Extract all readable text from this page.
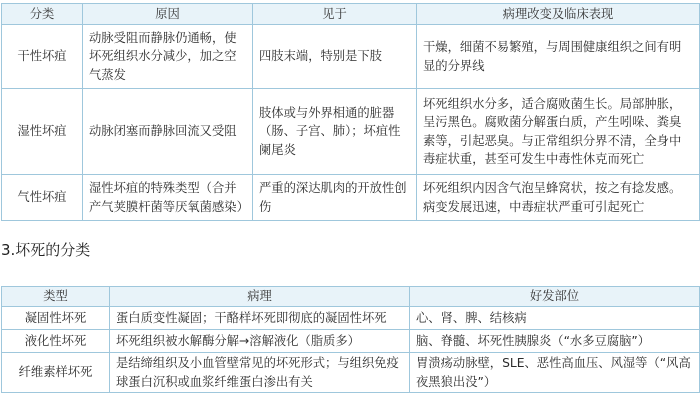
分类	原因	见于	病理改变及临床表现
干性坏疽	动脉受阻而静脉仍通畅，使坏死组织水分减少，加之空气蒸发	四肢末端，特别是下肢	干燥，细菌不易繁殖，与周围健康组织之间有明显的分界线
湿性坏疽	动脉闭塞而静脉回流又受阻	肢体或与外界相通的脏器（肠、子宫、肺）；坏疽性阑尾炎	坏死组织水分多，适合腐败菌生长。局部肿胀，呈污黑色。腐败菌分解蛋白质，产生吲哚、粪臭素等，引起恶臭。与正常组织分界不清，全身中毒症状重，甚至可发生中毒性休克而死亡
气性坏疽	湿性坏疽的特殊类型（合并产气荚膜杆菌等厌氧菌感染）	严重的深达肌肉的开放性创伤	坏死组织内因含气泡呈蜂窝状，按之有捻发感。病变发展迅速，中毒症状严重可引起死亡
3.坏死的分类
类型	病理	好发部位
凝固性坏死	蛋白质变性凝固；干酪样坏死即彻底的凝固性坏死	心、肾、脾、结核病
液化性坏死	坏死组织被水解酶分解→溶解液化（脂质多）	脑、脊髓、坏死性胰腺炎（“水多豆腐脑”）
纤维素样坏死	是结缔组织及小血管壁常见的坏死形式；与组织免疫球蛋白沉积或血浆纤维蛋白渗出有关	胃溃疡动脉壁，SLE、恶性高血压、风湿等（“风高夜黑狼出没”）
